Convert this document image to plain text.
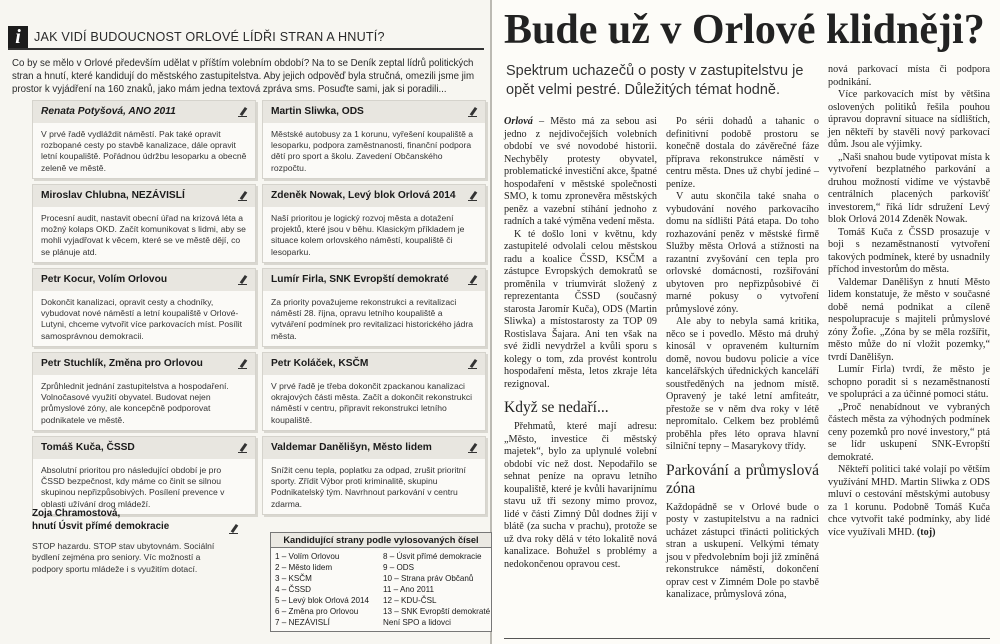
i	JAK VIDÍ BUDOUCNOST ORLOVÉ LÍDŘI STRAN A HNUTÍ?
Co by se mělo v Orlové především udělat v příštím volebním období? Na to se Deník zeptal lídrů politických stran a hnutí, které kandidují do městského zastupitelstva. Aby jejich odpověď byla stručná, omezili jsme jim prostor k vyjádření na 160 znaků, jako mám jedna textová zpráva sms. Posuďte sami, jak si poradili...
Renata Potyšová, ANO 2011
V prvé řadě vydláždit náměstí. Pak také opravit rozbopané cesty po stavbě kanalizace, dále opravit letní koupaliště. Pořádnou údržbu lesoparku a obecně zeleně ve městě.
Martin Sliwka, ODS
Městské autobusy za 1 korunu, vyřešení koupaliště a lesoparku, podpora zaměstnanosti, finanční podpora dětí pro sport a školu. Zavedení Občanského rozpočtu.
Miroslav Chlubna, NEZÁVISLÍ
Procesní audit, nastavit obecní úřad na krizová léta a možný kolaps OKD. Začít komunikovat s lidmi, aby se mohli vyjadřovat k věcem, které se ve městě dějí, co se plánuje atd.
Zdeněk Nowak, Levý blok Orlová 2014
Naší prioritou je logický rozvoj města a dotažení projektů, které jsou v běhu. Klasickým příkladem je situace kolem orlovského náměstí, koupaliště či lesoparku.
Petr Kocur, Volím Orlovou
Dokončit kanalizaci, opravit cesty a chodníky, vybudovat nové náměstí a letní koupaliště v Orlové-Lutyni, chceme vytvořit více parkovacích míst. Posílit samosprávnou demokracii.
Lumír Firla, SNK Evropští demokraté
Za priority považujeme rekonstrukci a revitalizaci náměstí 28. října, opravu letního koupaliště a vytváření podmínek pro revitalizaci historického jádra města.
Petr Stuchlík, Změna pro Orlovou
Zprůhlednit jednání zastupitelstva a hospodaření. Volnočasové využití obyvatel. Budovat nejen průmyslové zóny, ale koncepčně podporovat podnikatele ve městě.
Petr Koláček, KSČM
V prvé řadě je třeba dokončit zpackanou kanalizaci okrajových části města. Začít a dokončit rekonstrukci náměstí v centru, připravit rekonstrukci letního koupaliště.
Tomáš Kuča, ČSSD
Absolutní prioritou pro následující období je pro ČSSD bezpečnost, kdy máme co činit se silnou skupinou nepřizpůsobivých. Posílení prevence v oblasti užívání drog mládeží.
Valdemar Danělišyn, Město lidem
Snížit cenu tepla, poplatku za odpad, zrušit prioritní sporty. Zřídit Výbor proti kriminalitě, skupinu Podnikatelský tým. Navrhnout parkování v centru zdarma.
Zoja Chramostová,
hnutí Úsvit přímé demokracie
STOP hazardu. STOP stav ubytovnám. Sociální bydlení zejména pro seniory. Víc možností a podpory sportu mládeže i s využitím dotací.
Kandidující strany podle vylosovaných čísel
1 – Volím Orlovou	8 – Úsvit přímé demokracie
2 – Město lidem	9 – ODS
3 – KSČM	10 – Strana práv Občanů
4 – ČSSD	11 – Ano 2011
5 – Levý blok Orlová 2014	12 – KDU-ČSL
6 – Změna pro Orlovou	13 – SNK Evropští demokraté
7 – NEZÁVISLÍ	Není SPO a lidovci
Bude už v Orlové klidněji?
Spektrum uchazečů o posty v zastupitelstvu je opět velmi pestré. Důležitých témat hodně.

Orlová – Město má za sebou asi jedno z nejdivočejších volebních období ve své novodobé historii. Nechyběly protesty obyvatel, problematické investiční akce, špatné hospodaření v městské společnosti SMO, k tomu zpronevěra městských peněz a vazební stíhání jednoho z radních a také výměna vedení města.

K té došlo loni v květnu, kdy zastupitelé odvolali celou městskou radu a koalice ČSSD, KSČM a zástupce Evropských demokratů se proměnila v triumvirát složený z reprezentanta ČSSD (současný starosta Jaromír Kuča), ODS (Martin Sliwka) a místostarosty za TOP 09 Rostislava Šajara. Ani ten však na své židli nevydržel a kvůli sporu s kolegy o tom, zda provést kontrolu hospodaření města, letos zkraje léta rezignoval.

Když se nedaří...

Přehmatů, které mají adresu: „Město, investice či městský majetek“, bylo za uplynulé volební období víc než dost. Nepodařilo se sehnat peníze na opravu letního koupaliště, které je kvůli havarijnímu stavu už tři sezony mimo provoz, lidé v části Zimný Důl dodnes žijí v blátě (za sucha v prachu), protože se už dva roky dělá v této lokalitě nová kanalizace. Bohužel s problémy a nedokončenou opravou cest.

Po sérii dohadů a tahanic o definitivní podobě prostoru se konečně dostala do závěrečné fáze příprava rekonstrukce náměstí v centru města. Dnes už chybí jediné – peníze.

V autu skončila také snaha o vybudování nového parkovacího domu na sídlišti Pátá etapa. Do toho rozhazování peněz v městské firmě Služby města Orlová a stížnosti na razantní zvyšování cen tepla pro orlovské domácnosti, rozšiřování ubytoven pro nepřizpůsobivé či marné pokusy o vytvoření průmyslové zóny.

Ale aby to nebyla samá kritika, něco se i povedlo. Město má druhý kinosál v opraveném kulturním domě, novou budovu policie a více kancelářských úřednických kanceláří soustředěných na jednom místě. Opravený je také letní amfiteátr, přestože se v něm dva roky v létě nepromítalo. Celkem bez problémů proběhla přes léto oprava hlavní silniční tepny – Masarykovy třídy.

Parkování a průmyslová zóna

Každopádně se v Orlové bude o posty v zastupitelstvu a na radnici ucházet zástupci třinácti politických stran a uskupení. Velkými tématy jsou v předvolebním boji již zmíněná rekonstrukce náměstí, dokončení oprav cest v Zimném Dole po stavbě kanalizace, průmyslová zóna,

nová parkovací místa či podpora podnikání.

Více parkovacích míst by většina oslovených politiků řešila pouhou úpravou dopravní situace na sídlištích, jen někteří by stavěli nový parkovací dům. Jsou ale výjimky.

„Naši snahou bude vytipovat místa k vytvoření bezplatného parkování a druhou možností vidíme ve výstavbě centrálních placených parkovišť investorem,“ říká lídr sdružení Levý blok Orlová 2014 Zdeněk Nowak.

Tomáš Kuča z ČSSD prosazuje v boji s nezaměstnaností vytvoření takových podmínek, které by usnadnily příchod investorům do města.

Valdemar Danělišyn z hnutí Město lidem konstatuje, že město v současné době nemá podnikat a cíleně nespolupracuje s majiteli průmyslové zóny Žofie. „Zóna by se měla rozšířit, město může do ní vložit pozemky,“ tvrdí Danělišyn.

Lumír Firla) tvrdí, že město je schopno poradit si s nezaměstnaností ve spolupráci a za účinné pomoci státu.

„Proč nenabídnout ve vybraných částech města za výhodných podmínek ceny pozemků pro nové investory,“ ptá se lídr uskupení SNK-Evropští demokraté.

Někteří politici také volají po větším využívání MHD. Martin Sliwka z ODS mluví o cestování městskými autobusy za 1 korunu. Podobně Tomáš Kuča chce vytvořit také podmínky, aby lidé více využívali MHD. (toj)
